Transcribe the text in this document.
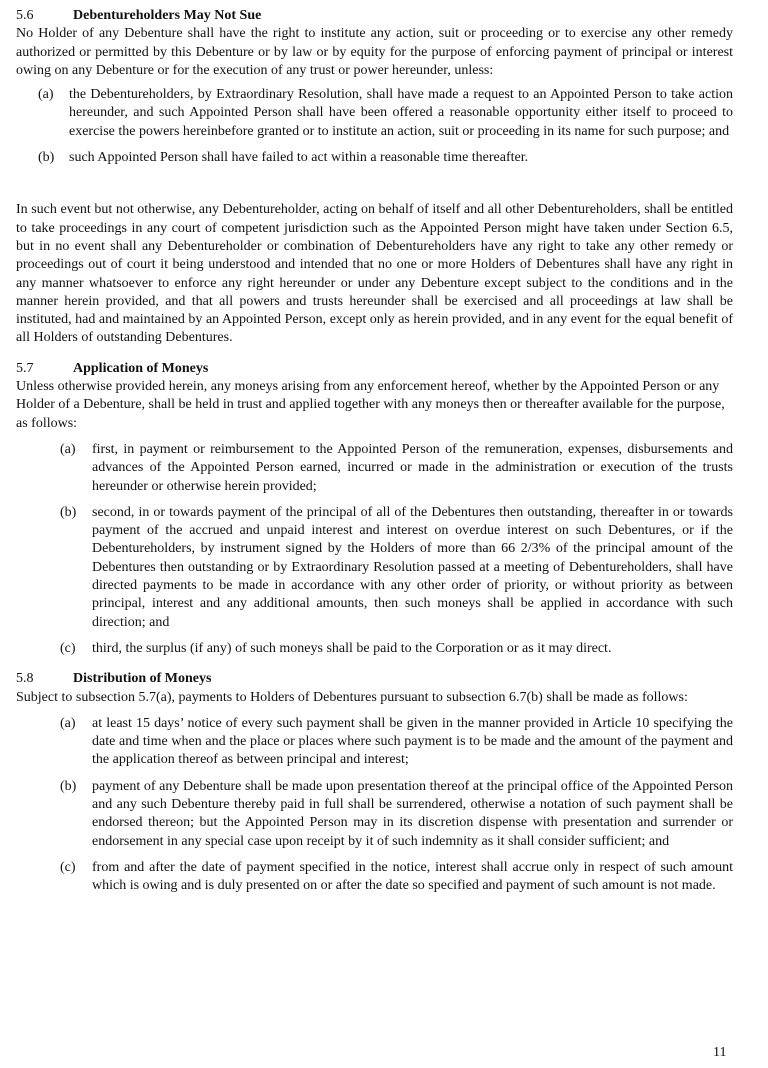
5.6	Debentureholders May Not Sue

No Holder of any Debenture shall have the right to institute any action, suit or proceeding or to exercise any other remedy authorized or permitted by this Debenture or by law or by equity for the purpose of enforcing payment of principal or interest owing on any Debenture or for the execution of any trust or power hereunder, unless:

(a) the Debentureholders, by Extraordinary Resolution, shall have made a request to an Appointed Person to take action hereunder, and such Appointed Person shall have been offered a reasonable opportunity either itself to proceed to exercise the powers hereinbefore granted or to institute an action, suit or proceeding in its name for such purpose; and
(b) such Appointed Person shall have failed to act within a reasonable time thereafter.

In such event but not otherwise, any Debentureholder, acting on behalf of itself and all other Debentureholders, shall be entitled to take proceedings in any court of competent jurisdiction such as the Appointed Person might have taken under Section 6.5, but in no event shall any Debentureholder or combination of Debentureholders have any right to take any other remedy or proceedings out of court it being understood and intended that no one or more Holders of Debentures shall have any right in any manner whatsoever to enforce any right hereunder or under any Debenture except subject to the conditions and in the manner herein provided, and that all powers and trusts hereunder shall be exercised and all proceedings at law shall be instituted, had and maintained by an Appointed Person, except only as herein provided, and in any event for the equal benefit of all Holders of outstanding Debentures.

5.7	Application of Moneys

Unless otherwise provided herein, any moneys arising from any enforcement hereof, whether by the Appointed Person or any Holder of a Debenture, shall be held in trust and applied together with any moneys then or thereafter available for the purpose, as follows:

(a) first, in payment or reimbursement to the Appointed Person of the remuneration, expenses, disbursements and advances of the Appointed Person earned, incurred or made in the administration or execution of the trusts hereunder or otherwise herein provided;
(b) second, in or towards payment of the principal of all of the Debentures then outstanding, thereafter in or towards payment of the accrued and unpaid interest and interest on overdue interest on such Debentures, or if the Debentureholders, by instrument signed by the Holders of more than 66 2/3% of the principal amount of the Debentures then outstanding or by Extraordinary Resolution passed at a meeting of Debentureholders, shall have directed payments to be made in accordance with any other order of priority, or without priority as between principal, interest and any additional amounts, then such moneys shall be applied in accordance with such direction; and
(c) third, the surplus (if any) of such moneys shall be paid to the Corporation or as it may direct.

5.8	Distribution of Moneys

Subject to subsection 5.7(a), payments to Holders of Debentures pursuant to subsection 6.7(b) shall be made as follows:

(a) at least 15 days’ notice of every such payment shall be given in the manner provided in Article 10 specifying the date and time when and the place or places where such payment is to be made and the amount of the payment and the application thereof as between principal and interest;
(b) payment of any Debenture shall be made upon presentation thereof at the principal office of the Appointed Person and any such Debenture thereby paid in full shall be surrendered, otherwise a notation of such payment shall be endorsed thereon; but the Appointed Person may in its discretion dispense with presentation and surrender or endorsement in any special case upon receipt by it of such indemnity as it shall consider sufficient; and
(c) from and after the date of payment specified in the notice, interest shall accrue only in respect of such amount which is owing and is duly presented on or after the date so specified and payment of such amount is not made.
11
